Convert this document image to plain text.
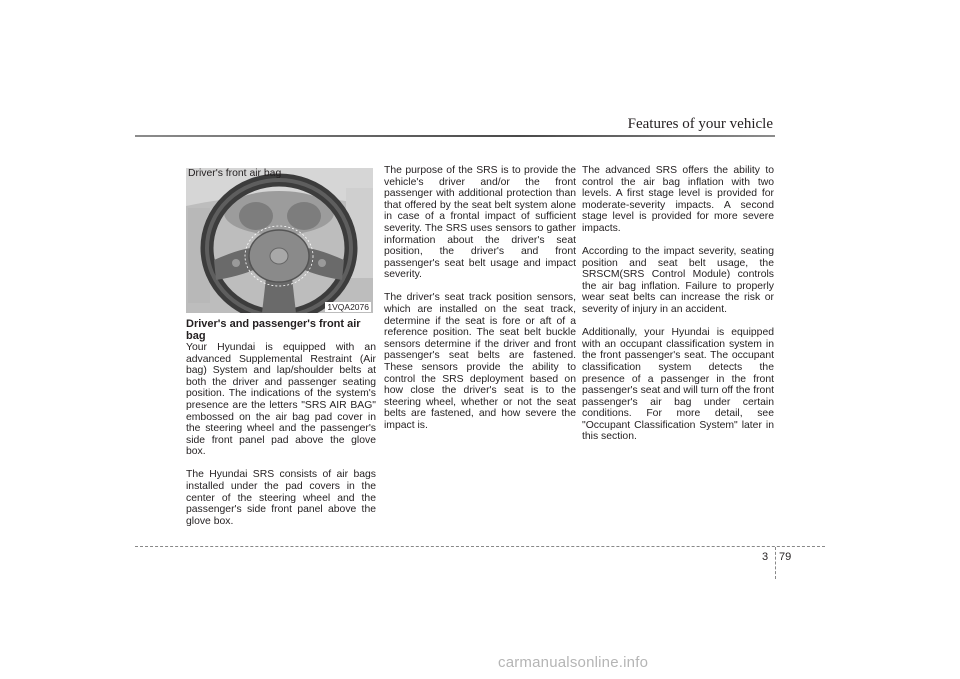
Features of your vehicle
Driver's front air bag
1VQA2076
Driver's and passenger's front air bag

Your Hyundai is equipped with an advanced Supplemental Restraint (Air bag) System and lap/shoulder belts at both the driver and passenger seating position. The indications of the system's presence are the letters "SRS AIR BAG" embossed on the air bag pad cover in the steering wheel and the passenger's side front panel pad above the glove box.

The Hyundai SRS consists of air bags installed under the pad covers in the center of the steering wheel and the passenger's side front panel above the glove box.

The purpose of the SRS is to provide the vehicle's driver and/or the front passenger with additional protection than that offered by the seat belt system alone in case of a frontal impact of sufficient severity. The SRS uses sensors to gather information about the driver's seat position, the driver's and front passenger's seat belt usage and impact severity.

The driver's seat track position sensors, which are installed on the seat track, determine if the seat is fore or aft of a reference position. The seat belt buckle sensors determine if the driver and front passenger's seat belts are fastened. These sensors provide the ability to control the SRS deployment based on how close the driver's seat is to the steering wheel, whether or not the seat belts are fastened, and how severe the impact is.

The advanced SRS offers the ability to control the air bag inflation with two levels. A first stage level is provided for moderate-severity impacts. A second stage level is provided for more severe impacts.

According to the impact severity, seating position and seat belt usage, the SRSCM(SRS Control Module) controls the air bag inflation. Failure to properly wear seat belts can increase the risk or severity of injury in an accident.

Additionally, your Hyundai is equipped with an occupant classification system in the front passenger's seat. The occupant classification system detects the presence of a passenger in the front passenger's seat and will turn off the front passenger's air bag under certain conditions. For more detail, see "Occupant Classification System" later in this section.

3 79
carmanualsonline.info
